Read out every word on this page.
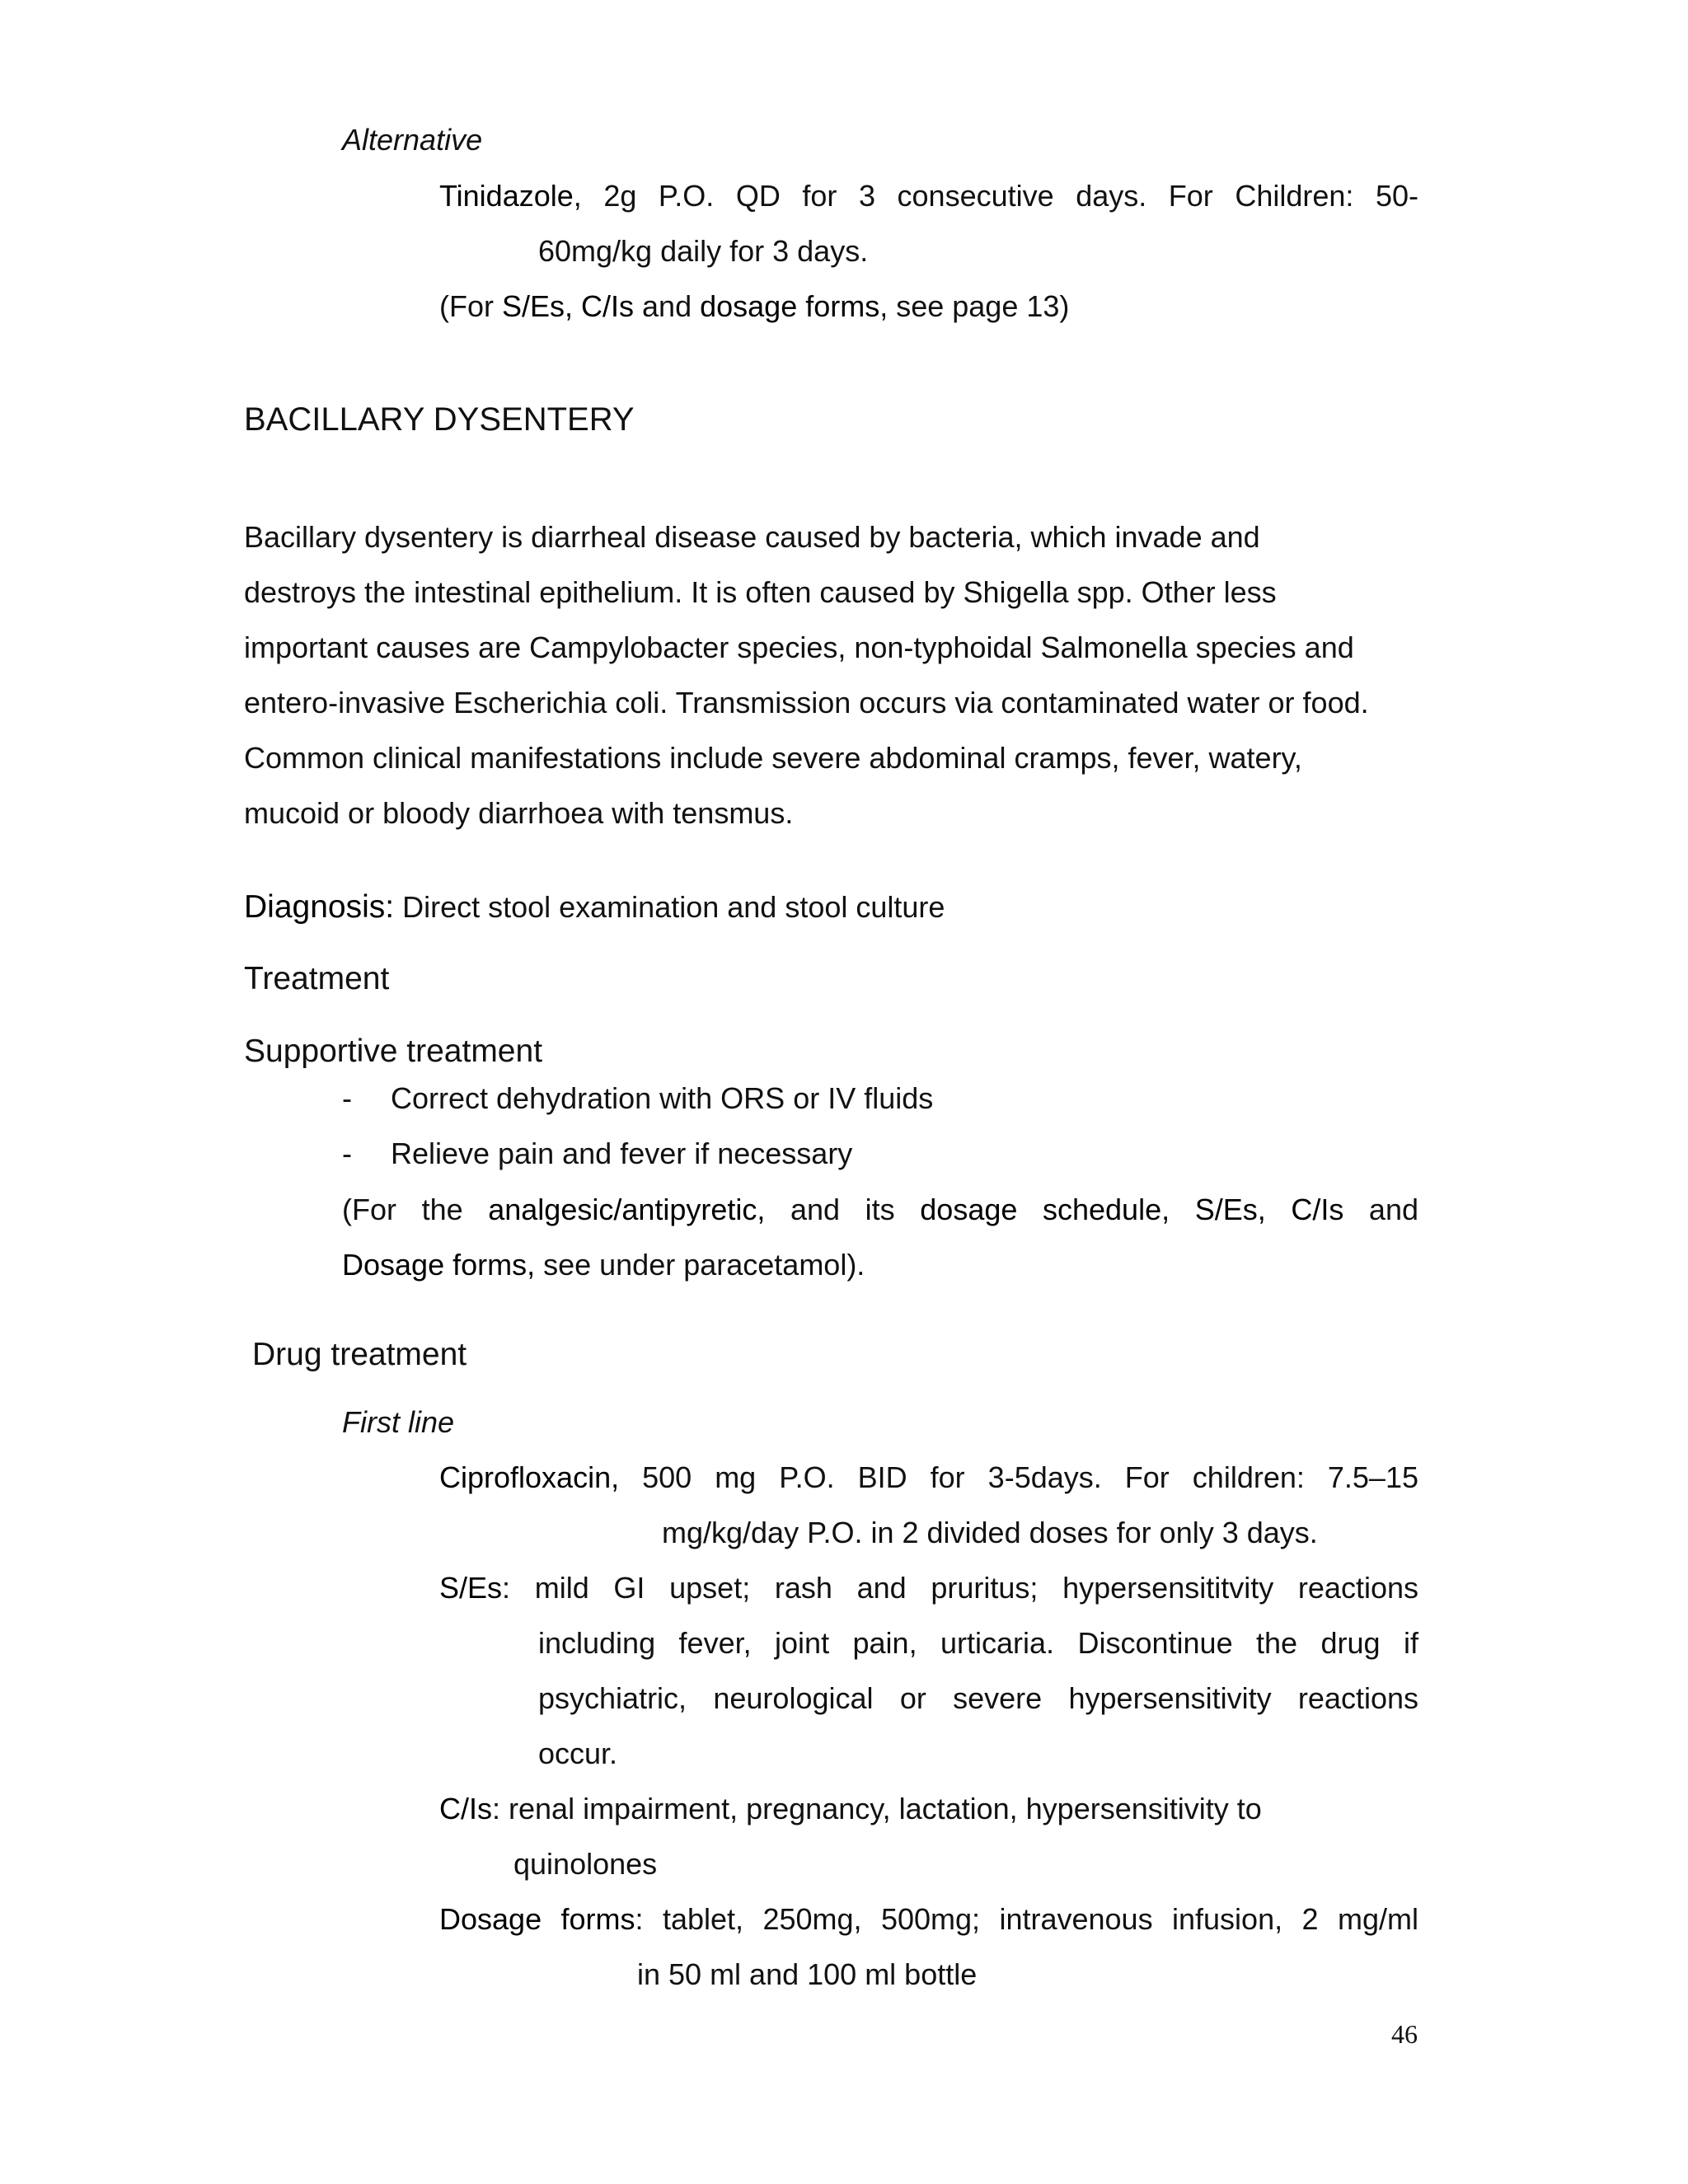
Alternative
Tinidazole, 2g P.O. QD for 3 consecutive days. For Children: 50-
60mg/kg daily for 3 days.
(For S/Es, C/Is and dosage forms, see page 13)
BACILLARY DYSENTERY
Bacillary dysentery is diarrheal disease caused by bacteria, which invade and
destroys the intestinal epithelium. It is often caused by Shigella spp. Other less
important causes are Campylobacter species, non-typhoidal Salmonella species and
entero-invasive Escherichia coli. Transmission occurs via contaminated water or food.
Common clinical manifestations include severe abdominal cramps, fever, watery,
mucoid or bloody diarrhoea with tensmus.
Diagnosis: Direct stool examination and stool culture
Treatment
Supportive treatment
- Correct dehydration with ORS or IV fluids
- Relieve pain and fever if necessary
(For the analgesic/antipyretic, and its dosage schedule, S/Es, C/Is and
Dosage forms, see under paracetamol).
Drug treatment
First line
Ciprofloxacin, 500 mg P.O. BID for 3-5days. For children: 7.5–15
mg/kg/day P.O. in 2 divided doses for only 3 days.
S/Es: mild GI upset; rash and pruritus; hypersensititvity reactions
including fever, joint pain, urticaria. Discontinue the drug if
psychiatric, neurological or severe hypersensitivity reactions
occur.
C/Is: renal impairment, pregnancy, lactation, hypersensitivity to
quinolones
Dosage forms: tablet, 250mg, 500mg; intravenous infusion, 2 mg/ml
in 50 ml and 100 ml bottle
46
